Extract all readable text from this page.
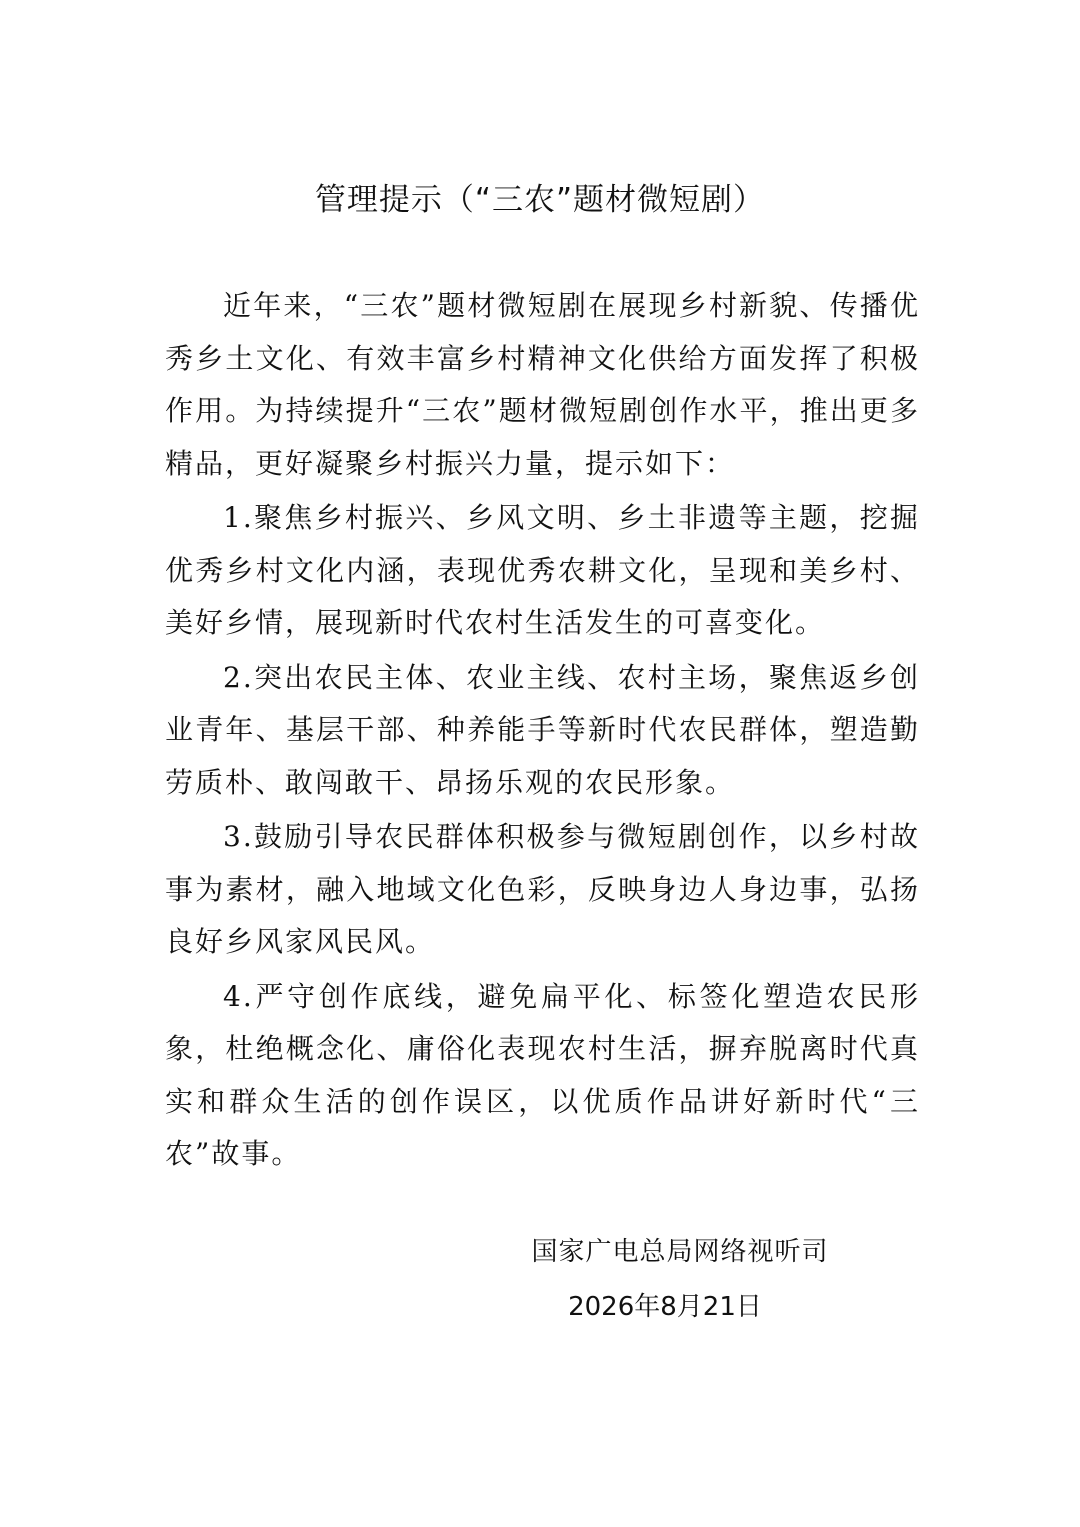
管理提示（“三农”题材微短剧）

近年来，“三农”题材微短剧在展现乡村新貌、传播优秀乡土文化、有效丰富乡村精神文化供给方面发挥了积极作用。为持续提升“三农”题材微短剧创作水平，推出更多精品，更好凝聚乡村振兴力量，提示如下：

1.聚焦乡村振兴、乡风文明、乡土非遗等主题，挖掘优秀乡村文化内涵，表现优秀农耕文化，呈现和美乡村、美好乡情，展现新时代农村生活发生的可喜变化。

2.突出农民主体、农业主线、农村主场，聚焦返乡创业青年、基层干部、种养能手等新时代农民群体，塑造勤劳质朴、敢闯敢干、昂扬乐观的农民形象。

3.鼓励引导农民群体积极参与微短剧创作，以乡村故事为素材，融入地域文化色彩，反映身边人身边事，弘扬良好乡风家风民风。

4.严守创作底线，避免扁平化、标签化塑造农民形象，杜绝概念化、庸俗化表现农村生活，摒弃脱离时代真实和群众生活的创作误区，以优质作品讲好新时代“三农”故事。

国家广电总局网络视听司
2026年8月21日
